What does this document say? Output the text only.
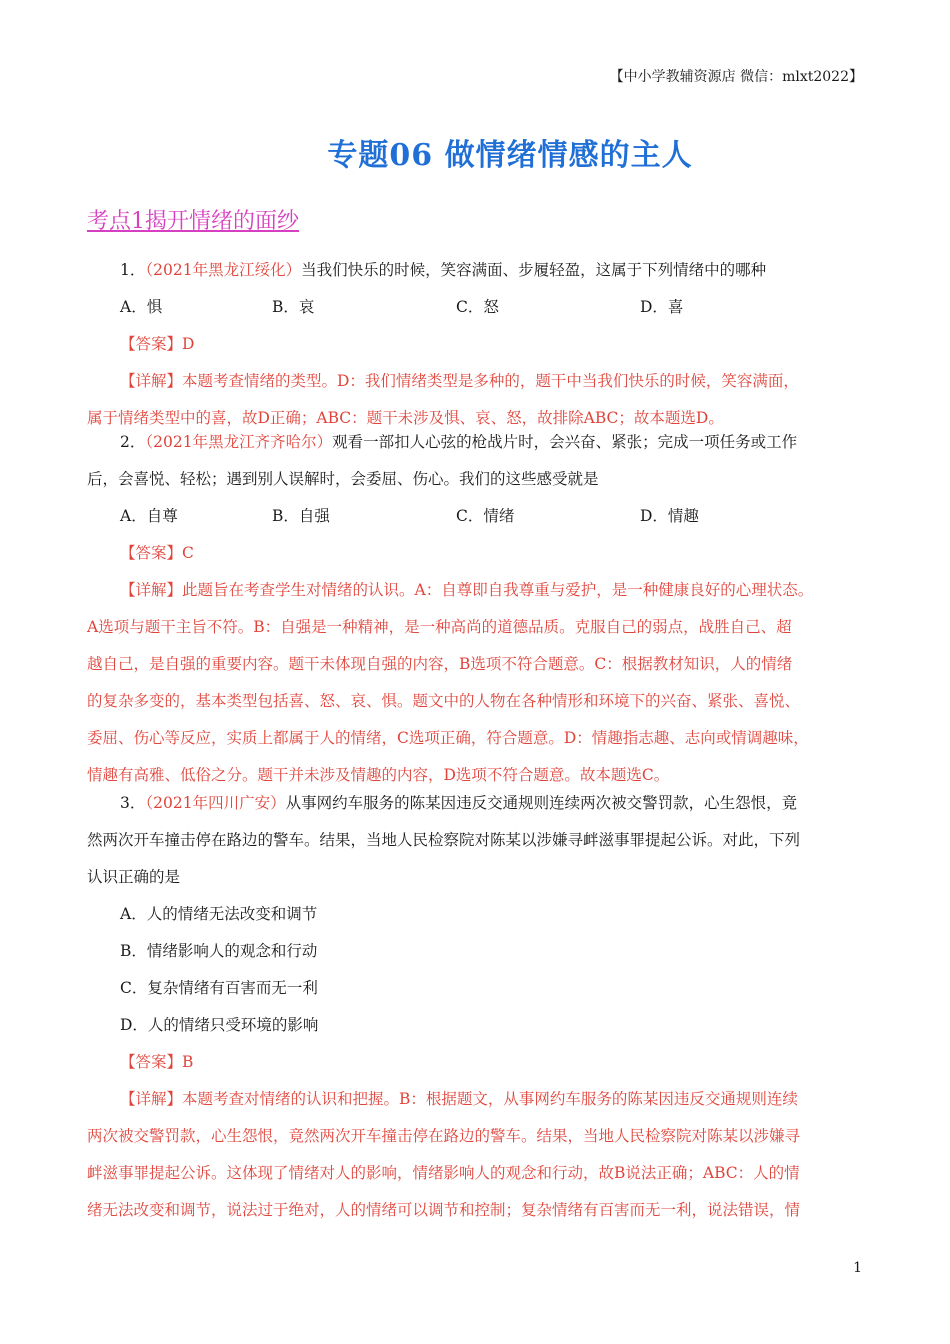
【中小学教辅资源店 微信：mlxt2022】
专题06 做情绪情感的主人
考点1揭开情绪的面纱
1．（2021年黑龙江绥化）当我们快乐的时候，笑容满面、步履轻盈，这属于下列情绪中的哪种
A．惧	B．哀	C．怒	D．喜
【答案】D
【详解】本题考查情绪的类型。D：我们情绪类型是多种的，题干中当我们快乐的时候，笑容满面，
属于情绪类型中的喜，故D正确；ABC：题干未涉及惧、哀、怒，故排除ABC；故本题选D。
2．（2021年黑龙江齐齐哈尔）观看一部扣人心弦的枪战片时，会兴奋、紧张；完成一项任务或工作
后，会喜悦、轻松；遇到别人误解时，会委屈、伤心。我们的这些感受就是
A．自尊	B．自强	C．情绪	D．情趣
【答案】C
【详解】此题旨在考查学生对情绪的认识。A：自尊即自我尊重与爱护，是一种健康良好的心理状态。
A选项与题干主旨不符。B：自强是一种精神，是一种高尚的道德品质。克服自己的弱点，战胜自己、超
越自己，是自强的重要内容。题干未体现自强的内容，B选项不符合题意。C：根据教材知识，人的情绪
的复杂多变的，基本类型包括喜、怒、哀、惧。题文中的人物在各种情形和环境下的兴奋、紧张、喜悦、
委屈、伤心等反应，实质上都属于人的情绪，C选项正确，符合题意。D：情趣指志趣、志向或情调趣味，
情趣有高雅、低俗之分。题干并未涉及情趣的内容，D选项不符合题意。故本题选C。
3．（2021年四川广安）从事网约车服务的陈某因违反交通规则连续两次被交警罚款，心生怨恨，竟
然两次开车撞击停在路边的警车。结果，当地人民检察院对陈某以涉嫌寻衅滋事罪提起公诉。对此，下列
认识正确的是
A．人的情绪无法改变和调节
B．情绪影响人的观念和行动
C．复杂情绪有百害而无一利
D．人的情绪只受环境的影响
【答案】B
【详解】本题考查对情绪的认识和把握。B：根据题文，从事网约车服务的陈某因违反交通规则连续
两次被交警罚款，心生怨恨，竟然两次开车撞击停在路边的警车。结果，当地人民检察院对陈某以涉嫌寻
衅滋事罪提起公诉。这体现了情绪对人的影响，情绪影响人的观念和行动，故B说法正确；ABC：人的情
绪无法改变和调节，说法过于绝对，人的情绪可以调节和控制；复杂情绪有百害而无一利，说法错误，情
1
